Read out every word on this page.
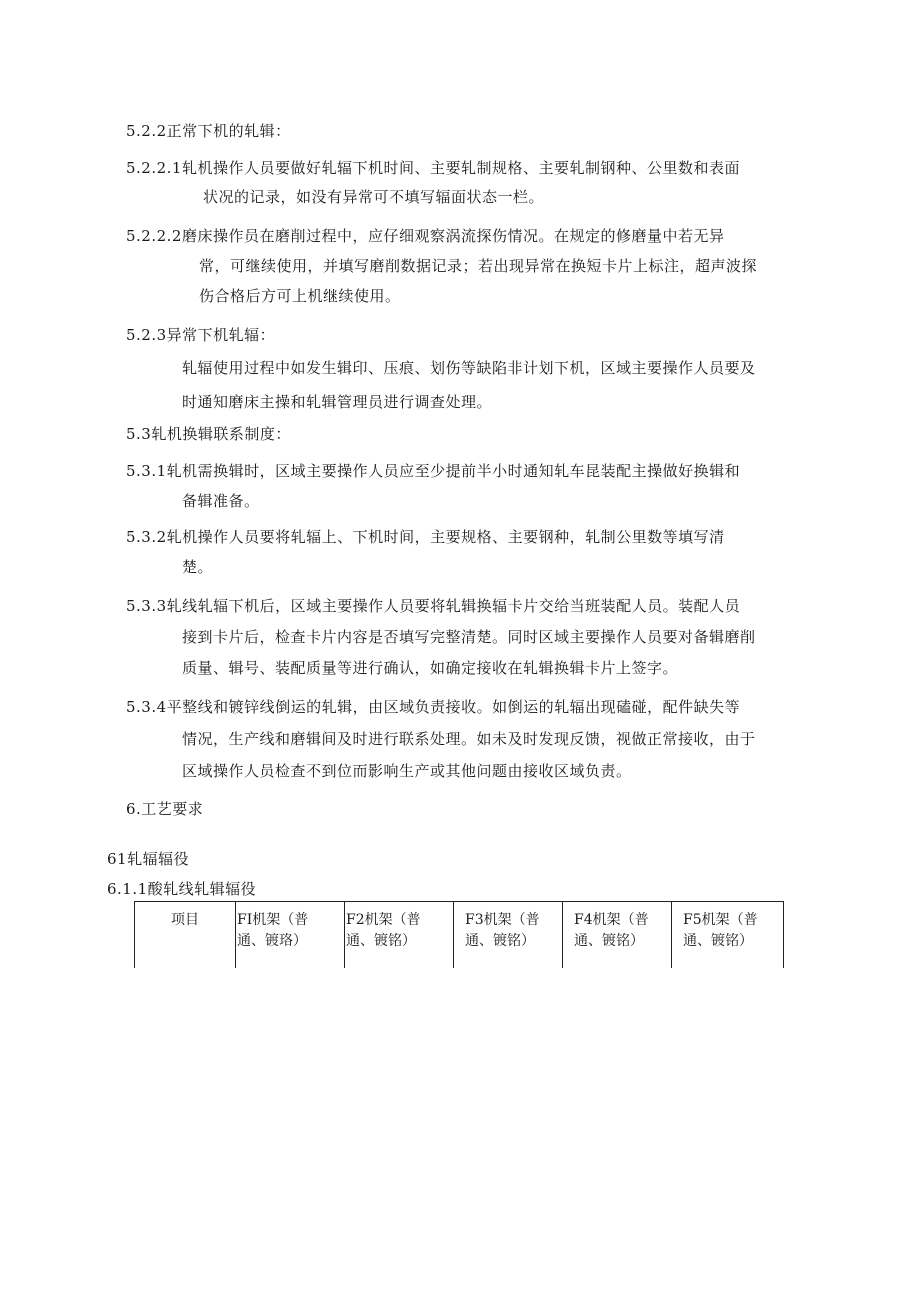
5.2.2正常下机的轧辑：
5.2.2.1轧机操作人员要做好轧辐下机时间、主要轧制规格、主要轧制钢种、公里数和表面
状况的记录，如没有异常可不填写辐面状态一栏。
5.2.2.2磨床操作员在磨削过程中，应仔细观察涡流探伤情况。在规定的修磨量中若无异
常，可继续使用，并填写磨削数据记录；若出现异常在换短卡片上标注，超声波探
伤合格后方可上机继续使用。
5.2.3异常下机轧辐：
轧辐使用过程中如发生辑印、压痕、划伤等缺陷非计划下机，区域主要操作人员要及
时通知磨床主操和轧辑管理员进行调查处理。
5.3轧机换辑联系制度：
5.3.1轧机需换辑时，区域主要操作人员应至少提前半小时通知轧车昆装配主操做好换辑和
备辑准备。
5.3.2轧机操作人员要将轧辐上、下机时间，主要规格、主要钢种，轧制公里数等填写清
楚。
5.3.3轧线轧辐下机后，区域主要操作人员要将轧辑换辐卡片交给当班装配人员。装配人员
接到卡片后，检查卡片内容是否填写完整清楚。同时区域主要操作人员要对备辑磨削
质量、辑号、装配质量等进行确认，如确定接收在轧辑换辑卡片上签字。
5.3.4平整线和镀锌线倒运的轧辑，由区域负责接收。如倒运的轧辐出现磕碰，配件缺失等
情况，生产线和磨辑间及时进行联系处理。如未及时发现反馈，视做正常接收，由于
区域操作人员检查不到位而影响生产或其他问题由接收区域负责。
6.工艺要求
61轧辐辐役
6.1.1酸轧线轧辑辐役
项目	FI机架（普
通、镀珞）
F2机架（普
通、镀铭）
F3机架（普
通、镀铭）
F4机架（普
通、镀铭）
F5机架（普
通、镀铭）
